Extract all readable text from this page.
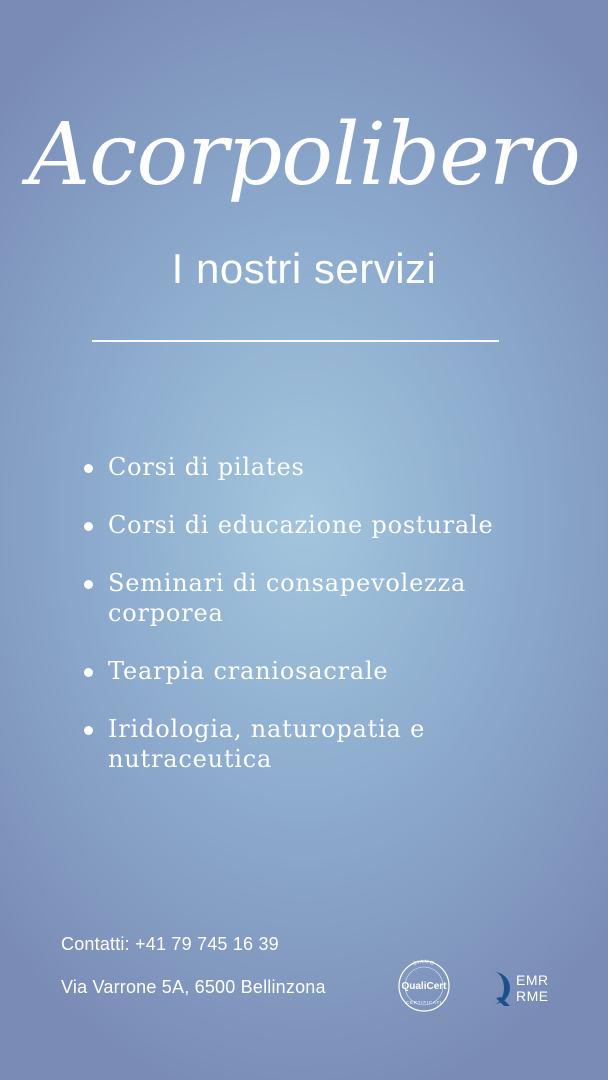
Acorpolibero
I nostri servizi
Corsi di pilates
Corsi di educazione posturale
Seminari di consapevolezza corporea
Tearpia craniosacrale
Iridologia, naturopatia e nutraceutica
Contatti: +41 79 745 16 39
Via Varrone 5A, 6500 Bellinzona
SIAMO
QualiCert
CERTIFICATI
EMR
RME
